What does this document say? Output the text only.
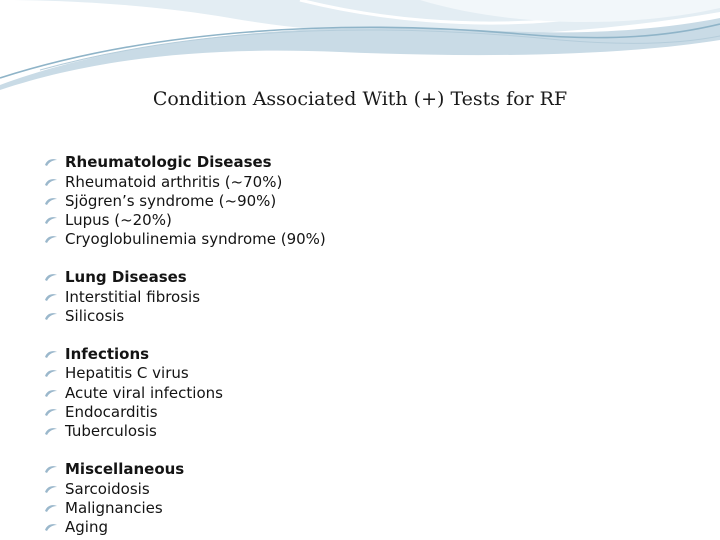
Condition Associated With (+) Tests for RF
Rheumatologic Diseases
Rheumatoid arthritis (~70%)
Sjögren’s syndrome (~90%)
Lupus (~20%)
Cryoglobulinemia syndrome (90%)
Lung Diseases
Interstitial fibrosis
Silicosis
Infections
Hepatitis C virus
Acute viral infections
Endocarditis
Tuberculosis
Miscellaneous
Sarcoidosis
Malignancies
Aging
